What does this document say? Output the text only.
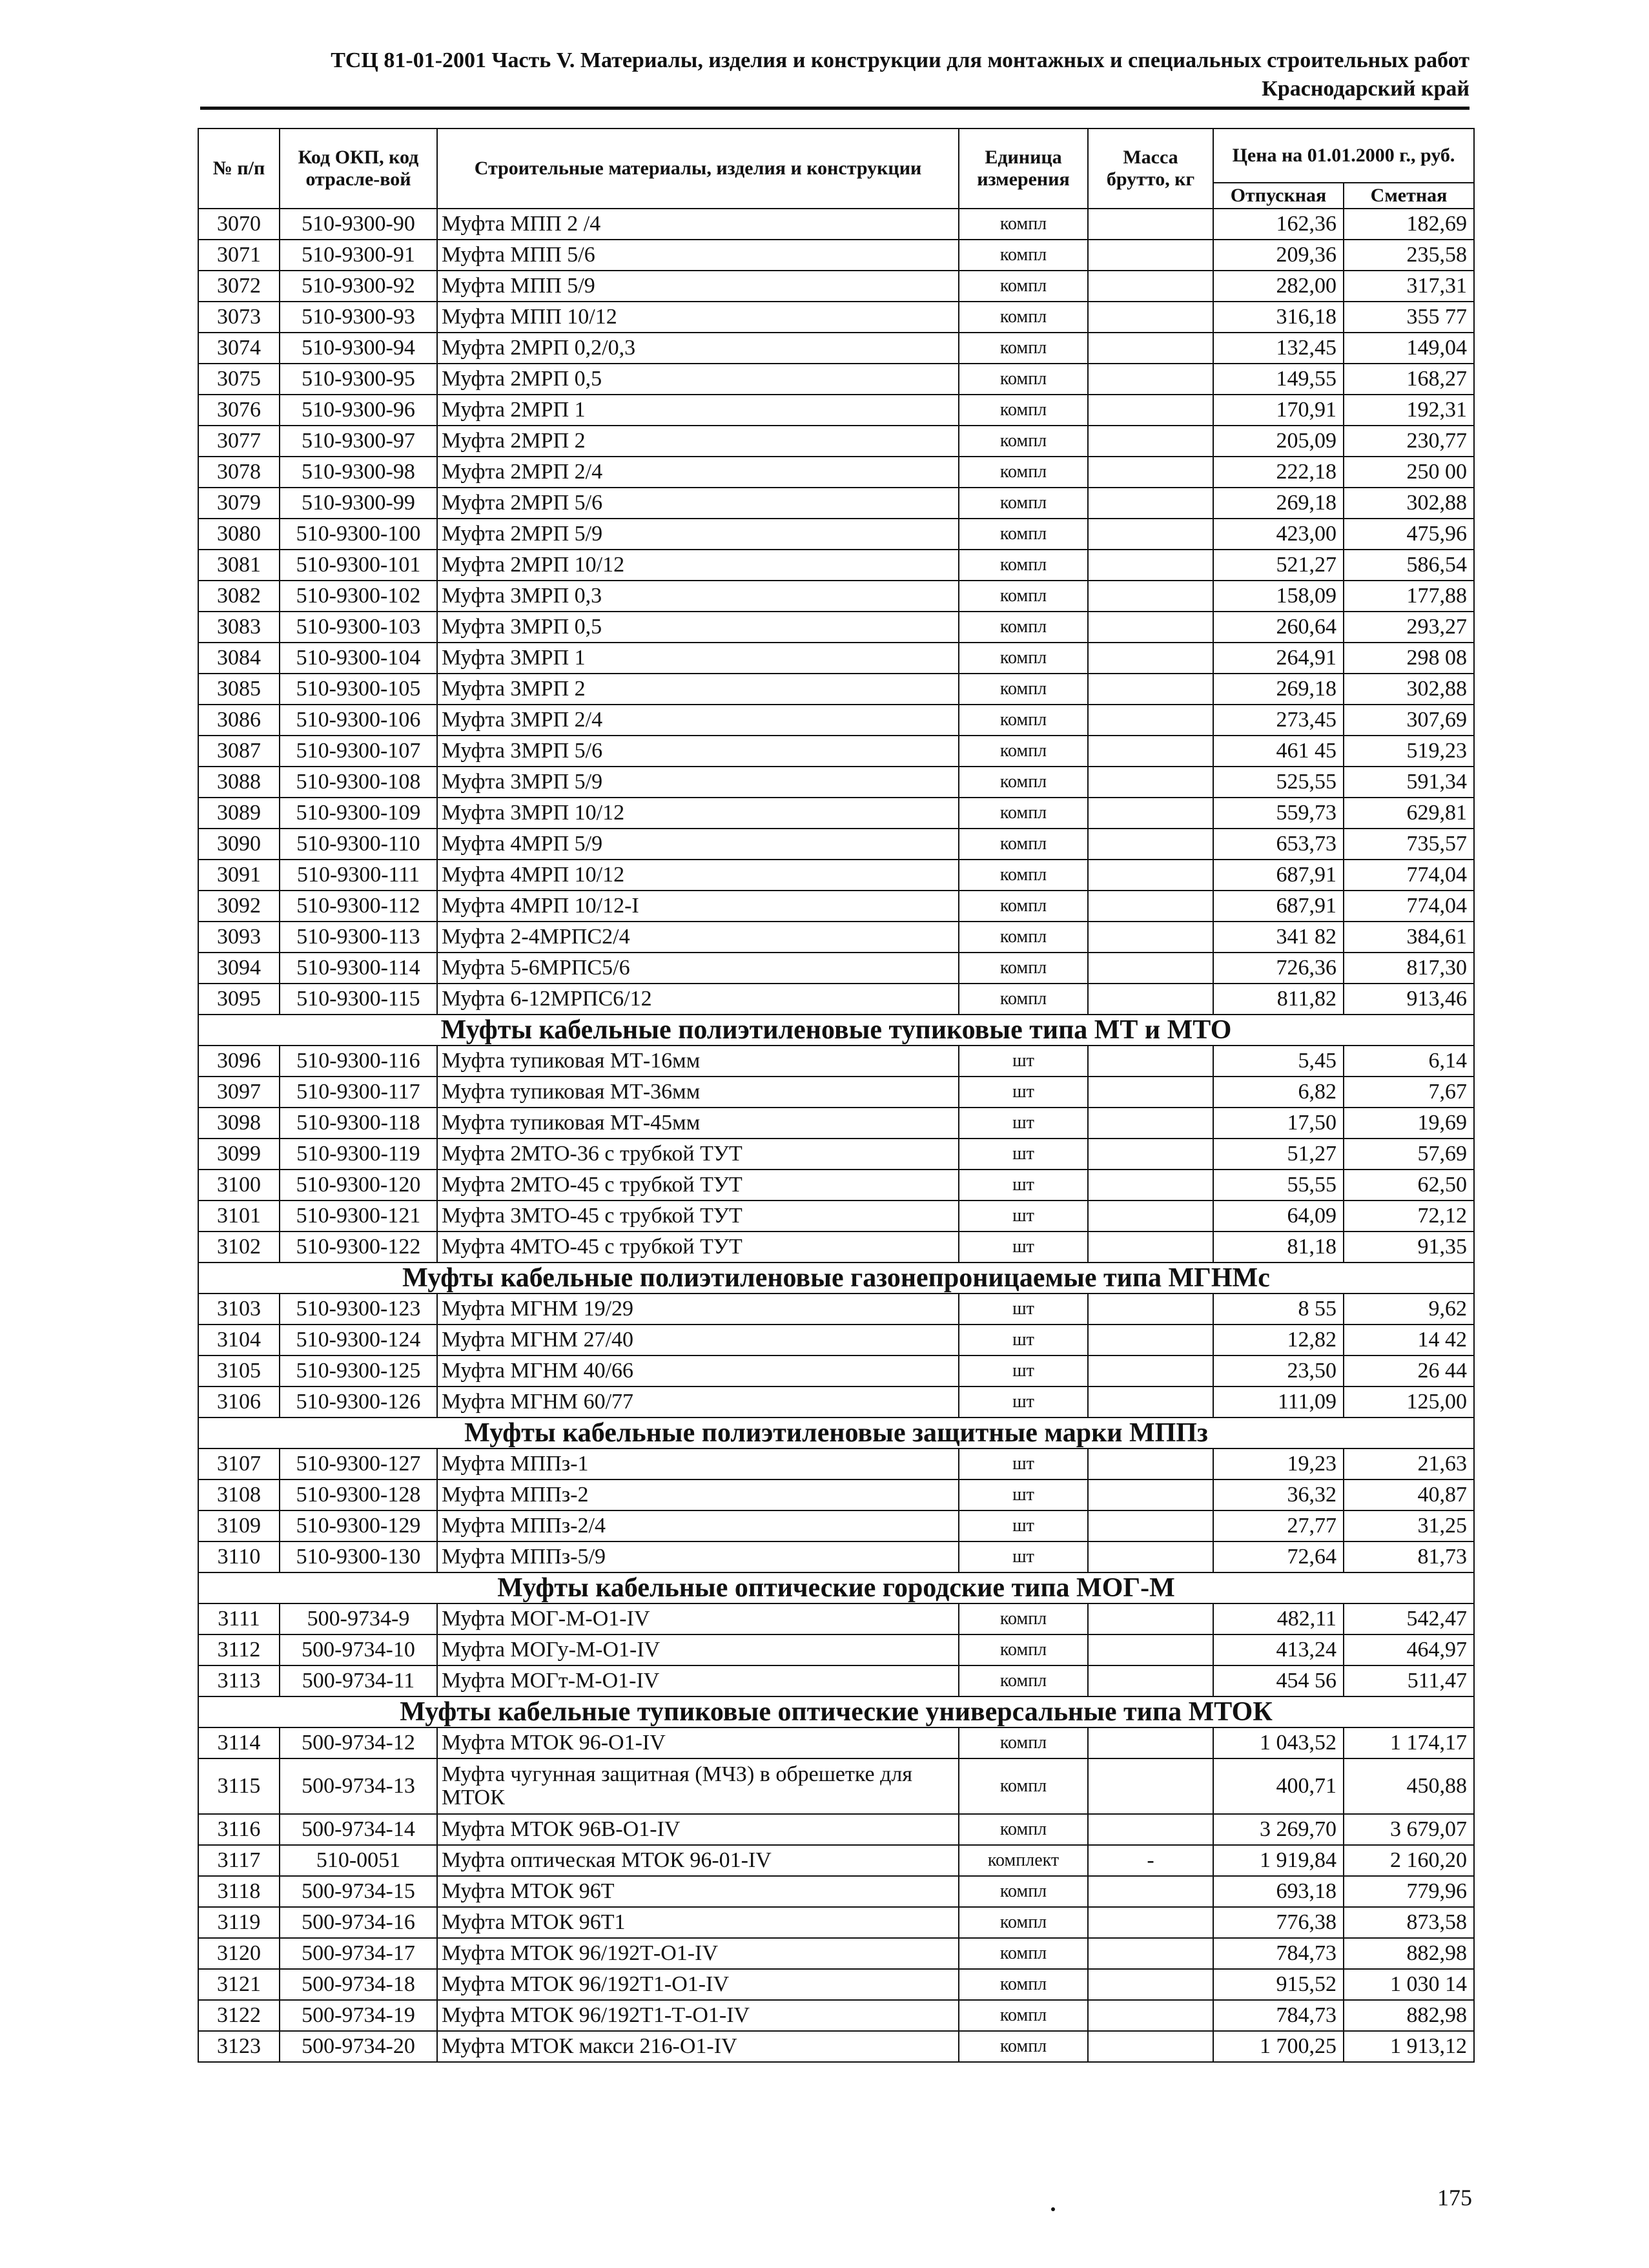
ТСЦ 81-01-2001 Часть V. Материалы, изделия и конструкции для монтажных и специальных строительных работ
Краснодарский край
№ п/п	Код ОКП, код отрасле-вой	Строительные материалы, изделия и конструкции	Единица измерения	Масса брутто, кг	Цена на 01.01.2000 г., руб.	
					Отпускная	Сметная
3070	510-9300-90	Муфта МПП 2 /4	компл		162,36	182,69
3071	510-9300-91	Муфта МПП 5/6	компл		209,36	235,58
3072	510-9300-92	Муфта МПП 5/9	компл		282,00	317,31
3073	510-9300-93	Муфта МПП 10/12	компл		316,18	355 77
3074	510-9300-94	Муфта 2МРП 0,2/0,3	компл		132,45	149,04
3075	510-9300-95	Муфта 2МРП 0,5	компл		149,55	168,27
3076	510-9300-96	Муфта 2МРП 1	компл		170,91	192,31
3077	510-9300-97	Муфта 2МРП 2	компл		205,09	230,77
3078	510-9300-98	Муфта 2МРП 2/4	компл		222,18	250 00
3079	510-9300-99	Муфта 2МРП 5/6	компл		269,18	302,88
3080	510-9300-100	Муфта 2МРП 5/9	компл		423,00	475,96
3081	510-9300-101	Муфта 2МРП 10/12	компл		521,27	586,54
3082	510-9300-102	Муфта 3МРП 0,3	компл		158,09	177,88
3083	510-9300-103	Муфта 3МРП 0,5	компл		260,64	293,27
3084	510-9300-104	Муфта 3МРП 1	компл		264,91	298 08
3085	510-9300-105	Муфта 3МРП 2	компл		269,18	302,88
3086	510-9300-106	Муфта 3МРП 2/4	компл		273,45	307,69
3087	510-9300-107	Муфта 3МРП 5/6	компл		461 45	519,23
3088	510-9300-108	Муфта 3МРП 5/9	компл		525,55	591,34
3089	510-9300-109	Муфта 3МРП 10/12	компл		559,73	629,81
3090	510-9300-110	Муфта 4МРП 5/9	компл		653,73	735,57
3091	510-9300-111	Муфта 4МРП 10/12	компл		687,91	774,04
3092	510-9300-112	Муфта 4МРП 10/12-I	компл		687,91	774,04
3093	510-9300-113	Муфта 2-4МРПС2/4	компл		341 82	384,61
3094	510-9300-114	Муфта 5-6МРПС5/6	компл		726,36	817,30
3095	510-9300-115	Муфта 6-12МРПС6/12	компл		811,82	913,46
Муфты кабельные полиэтиленовые тупиковые типа МТ и МТО						
3096	510-9300-116	Муфта тупиковая МТ-16мм	шт		5,45	6,14
3097	510-9300-117	Муфта тупиковая МТ-36мм	шт		6,82	7,67
3098	510-9300-118	Муфта тупиковая МТ-45мм	шт		17,50	19,69
3099	510-9300-119	Муфта 2МТО-36 с трубкой ТУТ	шт		51,27	57,69
3100	510-9300-120	Муфта 2МТО-45 с трубкой ТУТ	шт		55,55	62,50
3101	510-9300-121	Муфта 3МТО-45 с трубкой ТУТ	шт		64,09	72,12
3102	510-9300-122	Муфта 4МТО-45 с трубкой ТУТ	шт		81,18	91,35
Муфты кабельные полиэтиленовые газонепроницаемые типа МГНМс						
3103	510-9300-123	Муфта МГНМ 19/29	шт		8 55	9,62
3104	510-9300-124	Муфта МГНМ 27/40	шт		12,82	14 42
3105	510-9300-125	Муфта МГНМ 40/66	шт		23,50	26 44
3106	510-9300-126	Муфта МГНМ 60/77	шт		111,09	125,00
Муфты кабельные полиэтиленовые защитные марки МППз						
3107	510-9300-127	Муфта МППз-1	шт		19,23	21,63
3108	510-9300-128	Муфта МППз-2	шт		36,32	40,87
3109	510-9300-129	Муфта МППз-2/4	шт		27,77	31,25
3110	510-9300-130	Муфта МППз-5/9	шт		72,64	81,73
Муфты кабельные оптические городские типа МОГ-М						
3111	500-9734-9	Муфта МОГ-М-О1-IV	компл		482,11	542,47
3112	500-9734-10	Муфта МОГу-М-О1-IV	компл		413,24	464,97
3113	500-9734-11	Муфта МОГт-М-О1-IV	компл		454 56	511,47
Муфты кабельные тупиковые оптические универсальные типа МТОК						
3114	500-9734-12	Муфта МТОК 96-О1-IV	компл		1 043,52	1 174,17
3115	500-9734-13	Муфта чугунная защитная (МЧЗ) в обрешетке для МТОК	компл		400,71	450,88
3116	500-9734-14	Муфта МТОК 96В-О1-IV	компл		3 269,70	3 679,07
3117	510-0051	Муфта оптическая МТОК 96-01-IV	комплект	-	1 919,84	2 160,20
3118	500-9734-15	Муфта МТОК 96Т	компл		693,18	779,96
3119	500-9734-16	Муфта МТОК 96Т1	компл		776,38	873,58
3120	500-9734-17	Муфта МТОК 96/192Т-О1-IV	компл		784,73	882,98
3121	500-9734-18	Муфта МТОК 96/192Т1-О1-IV	компл		915,52	1 030 14
3122	500-9734-19	Муфта МТОК 96/192Т1-Т-О1-IV	компл		784,73	882,98
3123	500-9734-20	Муфта МТОК макси 216-О1-IV	компл		1 700,25	1 913,12
175
